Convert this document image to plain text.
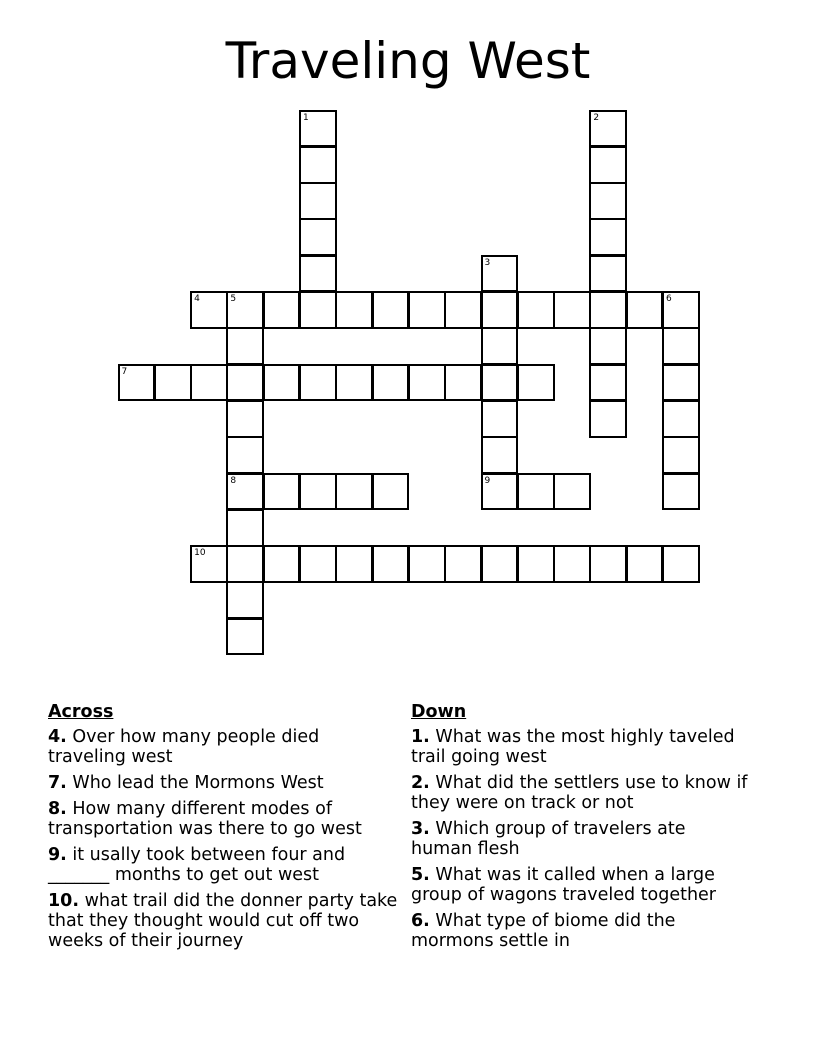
Traveling West
1	2
3
4	5	6
8
7
9
10
Across
4. Over how many people died traveling west
7. Who lead the Mormons West
8. How many different modes of transportation was there to go west
9. it usally took between four and _______ months to get out west
10. what trail did the donner party take that they thought would cut off two weeks of their journey
Down
1. What was the most highly taveled trail going west
2. What did the settlers use to know if they were on track or not
3. Which group of travelers ate human flesh
5. What was it called when a large group of wagons traveled together
6. What type of biome did the mormons settle in
